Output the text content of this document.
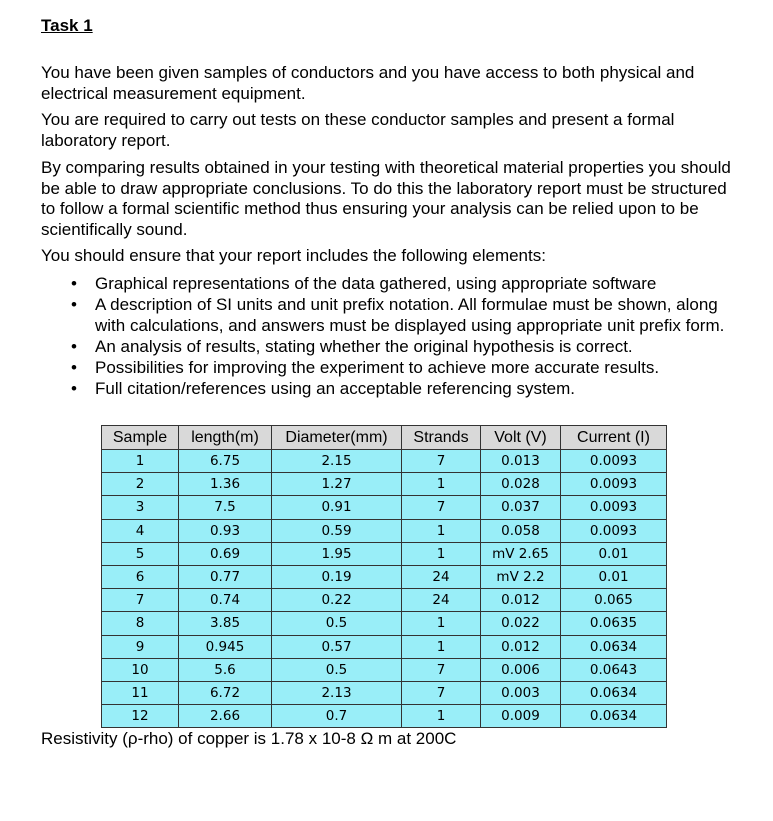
Task 1

You have been given samples of conductors and you have access to both physical and electrical measurement equipment.

You are required to carry out tests on these conductor samples and present a formal laboratory report.

By comparing results obtained in your testing with theoretical material properties you should be able to draw appropriate conclusions. To do this the laboratory report must be structured to follow a formal scientific method thus ensuring your analysis can be relied upon to be scientifically sound.

You should ensure that your report includes the following elements:

• Graphical representations of the data gathered, using appropriate software
• A description of SI units and unit prefix notation. All formulae must be shown, along with calculations, and answers must be displayed using appropriate unit prefix form.
• An analysis of results, stating whether the original hypothesis is correct.
• Possibilities for improving the experiment to achieve more accurate results.
• Full citation/references using an acceptable referencing system.
Sample	length(m)	Diameter(mm)	Strands	Volt (V)	Current (I)
1	6.75	2.15	7	0.013	0.0093
2	1.36	1.27	1	0.028	0.0093
3	7.5	0.91	7	0.037	0.0093
4	0.93	0.59	1	0.058	0.0093
5	0.69	1.95	1	mV 2.65	0.01
6	0.77	0.19	24	mV 2.2	0.01
7	0.74	0.22	24	0.012	0.065
8	3.85	0.5	1	0.022	0.0635
9	0.945	0.57	1	0.012	0.0634
10	5.6	0.5	7	0.006	0.0643
11	6.72	2.13	7	0.003	0.0634
12	2.66	0.7	1	0.009	0.0634
Resistivity (ρ-rho) of copper is 1.78 x 10-8 Ω m at 200C
